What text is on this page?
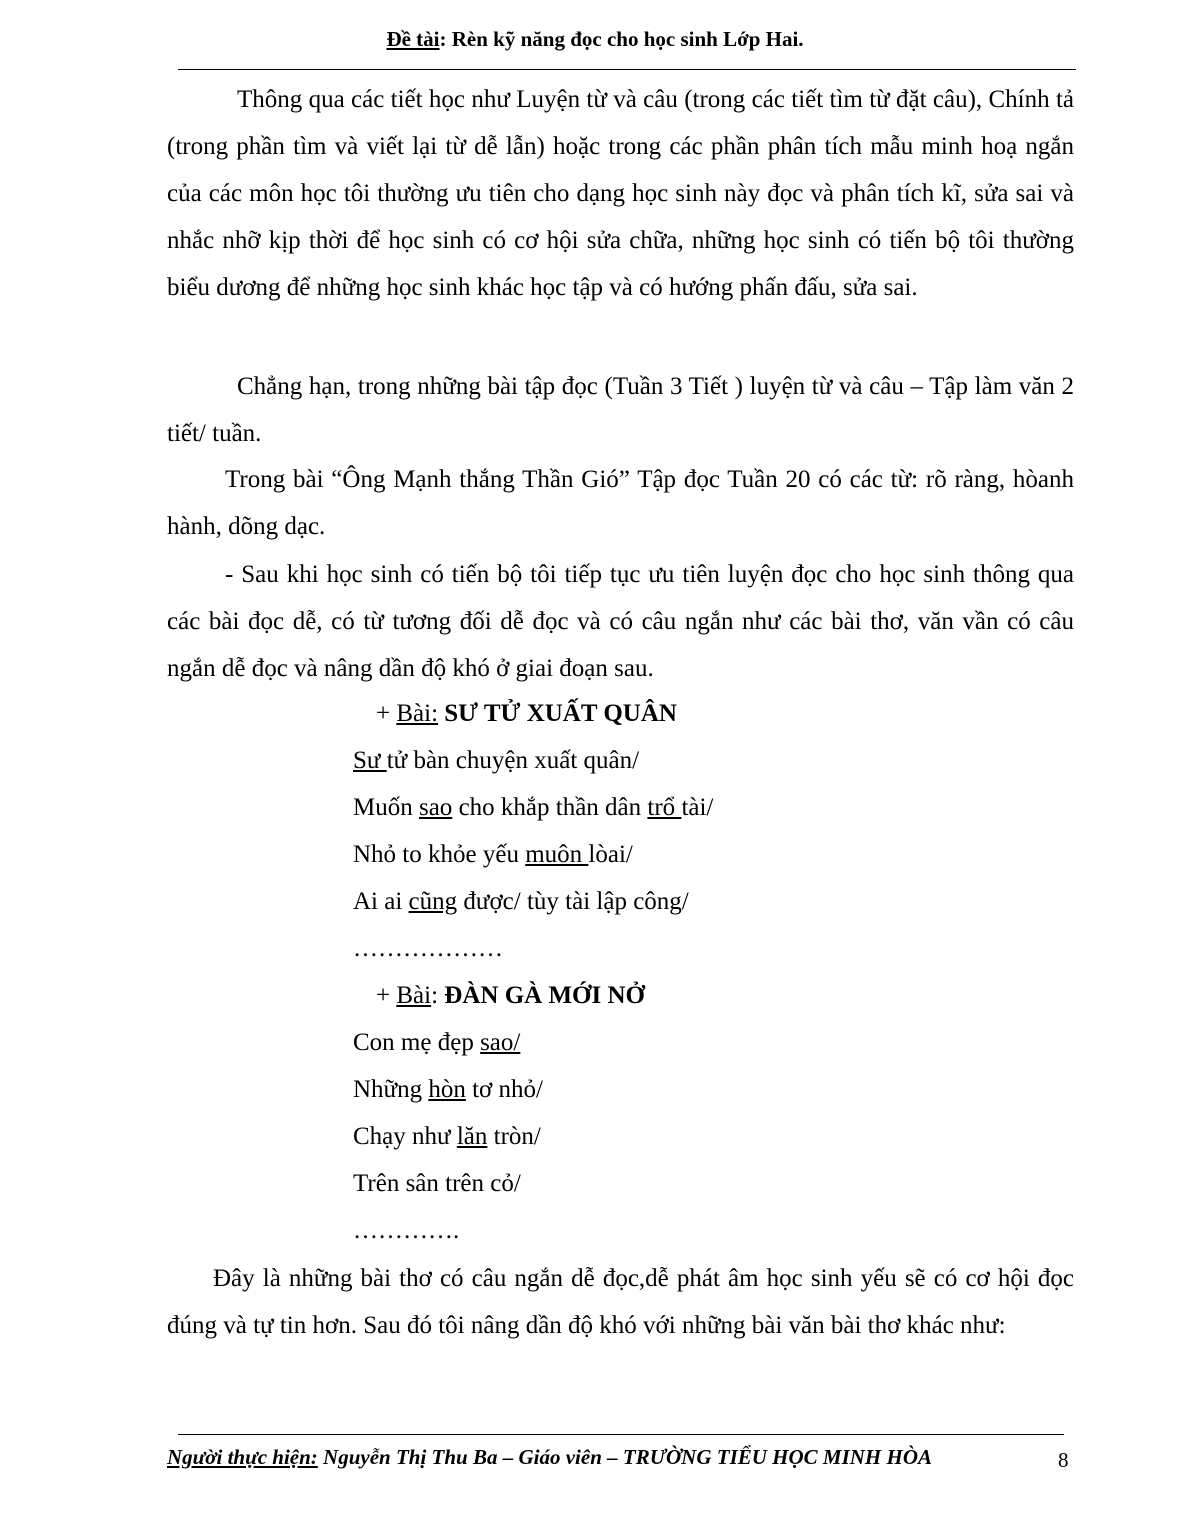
Đề tài: Rèn kỹ năng đọc cho học sinh Lớp Hai.

Thông qua các tiết học như Luyện từ và câu (trong các tiết tìm từ đặt câu), Chính tả (trong phần tìm và viết lại từ dễ lẫn) hoặc trong các phần phân tích mẫu minh hoạ ngắn của các môn học tôi thường ưu tiên cho dạng học sinh này đọc và phân tích kĩ, sửa sai và nhắc nhỡ kịp thời để học sinh có cơ hội sửa chữa, những học sinh có tiến bộ tôi thường biểu dương để những học sinh khác học tập và có hướng phấn đấu, sửa sai.

Chẳng hạn, trong những bài tập đọc (Tuần 3 Tiết ) luyện từ và câu – Tập làm văn 2 tiết/ tuần.

Trong bài “Ông Mạnh thắng Thần Gió” Tập đọc Tuần 20 có các từ: rõ ràng, hòanh hành, dõng dạc.

- Sau khi học sinh có tiến bộ tôi tiếp tục ưu tiên luyện đọc cho học sinh thông qua các bài đọc dễ, có từ tương đối dễ đọc và có câu ngắn như các bài thơ, văn vần có câu ngắn dễ đọc và nâng dần độ khó ở giai đoạn sau.

+ Bài: SƯ TỬ XUẤT QUÂN
Sư tử bàn chuyện xuất quân/
Muốn sao cho khắp thần dân trổ tài/
Nhỏ to khỏe yếu muôn lòai/
Ai ai cũng được/ tùy tài lập công/
………………
+ Bài: ĐÀN GÀ MỚI NỞ
Con mẹ đẹp sao/
Những hòn tơ nhỏ/
Chạy như lăn tròn/
Trên sân trên cỏ/
………….

Đây là những bài thơ có câu ngắn dễ đọc,dễ phát âm học sinh yếu sẽ có cơ hội đọc đúng và tự tin hơn. Sau đó tôi nâng dần độ khó với những bài văn bài thơ khác như:

Người thực hiện: Nguyễn Thị Thu Ba – Giáo viên – TRƯỜNG TIỂU HỌC MINH HÒA	8
